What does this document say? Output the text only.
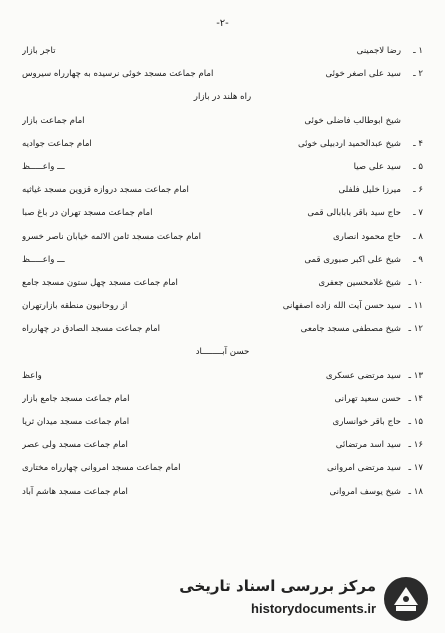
-۲-
۱ ـ
رضا لاجمینی
تاجر بازار
۲ ـ
سید علی اصغر خوئی
امام جماعت مسجد خوئی نرسیده به چهارراه سیروس
راه هلند در بازار
شیخ ابوطالب فاضلی خوئی
امام جماعت بازار
۴ ـ
شیخ عبدالحمید اردبیلی خوئی
امام جماعت جوادیه
۵ ـ
سید علی صیا
ـــ واعـــــظ
۶ ـ
میرزا خلیل فلفلی
امام جماعت مسجد دروازه قزوین مسجد غیاثیه
۷ ـ
حاج سید باقر بابابالی قمی
امام جماعت مسجد تهران در باغ صبا
۸ ـ
حاج محمود انصاری
امام جماعت مسجد ثامن الائمه خیابان ناصر خسرو
۹ ـ
شیخ علی اکبر صبوری قمی
ـــ واعـــــظ
۱۰ ـ
شیخ غلامحسین جعفری
امام جماعت مسجد چهل ستون مسجد جامع
۱۱ ـ
سید حسن آیت الله زاده اصفهانی
از روحانیون منطقه بازارتهران
۱۲ ـ
شیخ مصطفی مسجد جامعی
امام جماعت مسجد الصادق در چهارراه
حسن آبــــــــاد
۱۳ ـ
سید مرتضی عسکری
واعظ
۱۴ ـ
حسن سعید تهرانی
امام جماعت مسجد جامع بازار
۱۵ ـ
حاج باقر خوانساری
امام جماعت مسجد میدان ثریا
۱۶ ـ
سید اسد مرتضائی
امام جماعت مسجد ولی عصر
۱۷ ـ
سید مرتضی امروانی
امام جماعت مسجد امروانی چهارراه مختاری
۱۸ ـ
شیخ یوسف امروانی
امام جماعت مسجد هاشم آباد
مرکز بررسی اسناد تاریخی
historydocuments.ir
